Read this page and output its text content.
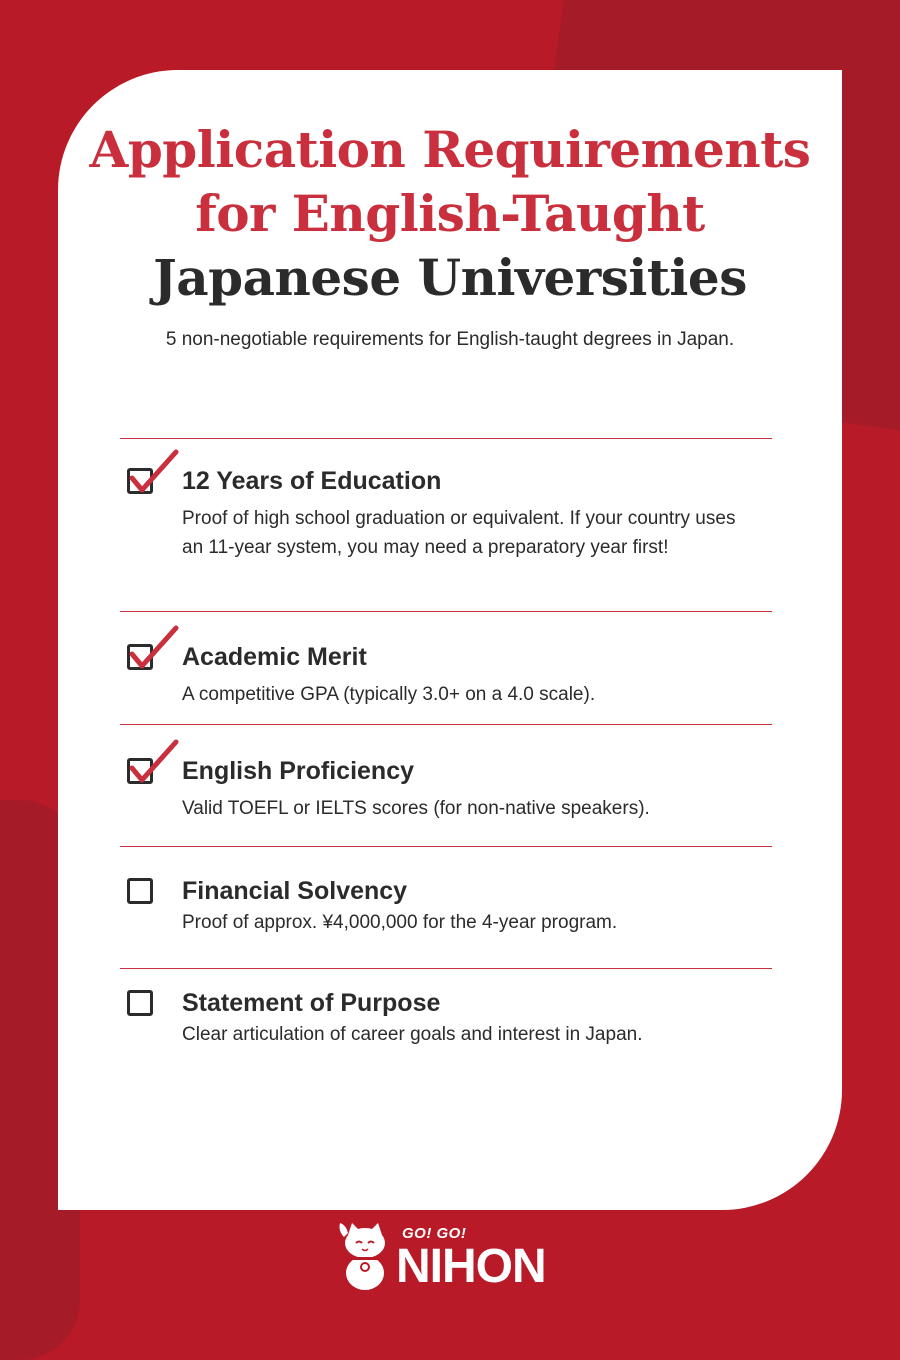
Application Requirements
for English-Taught
Japanese Universities
5 non-negotiable requirements for English-taught degrees in Japan.
12 Years of Education
Proof of high school graduation or equivalent. If your country uses an 11-year system, you may need a preparatory year first!
Academic Merit
A competitive GPA (typically 3.0+ on a 4.0 scale).
English Proficiency
Valid TOEFL or IELTS scores (for non-native speakers).
Financial Solvency
Proof of approx. ¥4,000,000 for the 4-year program.
Statement of Purpose
Clear articulation of career goals and interest in Japan.
GO! GO!
NIHON
